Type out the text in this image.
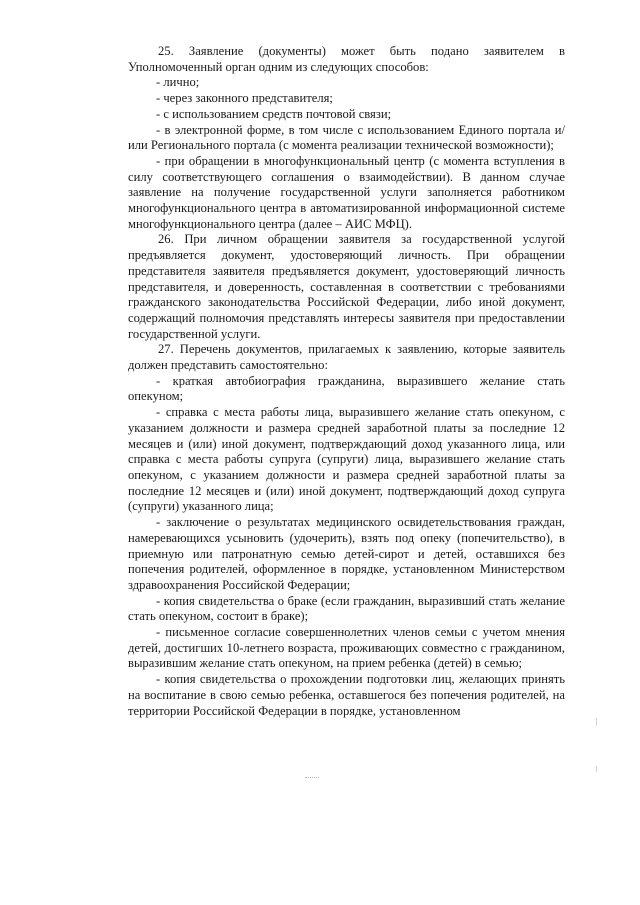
25. Заявление (документы) может быть подано заявителем в Уполномоченный орган одним из следующих способов:

- лично;

- через законного представителя;

- с использованием средств почтовой связи;

- в электронной форме, в том числе с использованием Единого портала и/или Регионального портала (с момента реализации технической возможности);

- при обращении в многофункциональный центр (с момента вступления в силу соответствующего соглашения о взаимодействии). В данном случае заявление на получение государственной услуги заполняется работником многофункционального центра в автоматизированной информационной системе многофункционального центра (далее – АИС МФЦ).

26. При личном обращении заявителя за государственной услугой предъявляется документ, удостоверяющий личность. При обращении представителя заявителя предъявляется документ, удостоверяющий личность представителя, и доверенность, составленная в соответствии с требованиями гражданского законодательства Российской Федерации, либо иной документ, содержащий полномочия представлять интересы заявителя при предоставлении государственной услуги.

27. Перечень документов, прилагаемых к заявлению, которые заявитель должен представить самостоятельно:

- краткая автобиография гражданина, выразившего желание стать опекуном;

- справка с места работы лица, выразившего желание стать опекуном, с указанием должности и размера средней заработной платы за последние 12 месяцев и (или) иной документ, подтверждающий доход указанного лица, или справка с места работы супруга (супруги) лица, выразившего желание стать опекуном, с указанием должности и размера средней заработной платы за последние 12 месяцев и (или) иной документ, подтверждающий доход супруга (супруги) указанного лица;

- заключение о результатах медицинского освидетельствования граждан, намеревающихся усыновить (удочерить), взять под опеку (попечительство), в приемную или патронатную семью детей-сирот и детей, оставшихся без попечения родителей, оформленное в порядке, установленном Министерством здравоохранения Российской Федерации;

- копия свидетельства о браке (если гражданин, выразивший стать желание стать опекуном, состоит в браке);

- письменное согласие совершеннолетних членов семьи с учетом мнения детей, достигших 10-летнего возраста, проживающих совместно с гражданином, выразившим желание стать опекуном, на прием ребенка (детей) в семью;

- копия свидетельства о прохождении подготовки лиц, желающих принять на воспитание в свою семью ребенка, оставшегося без попечения родителей, на территории Российской Федерации в порядке, установленном
